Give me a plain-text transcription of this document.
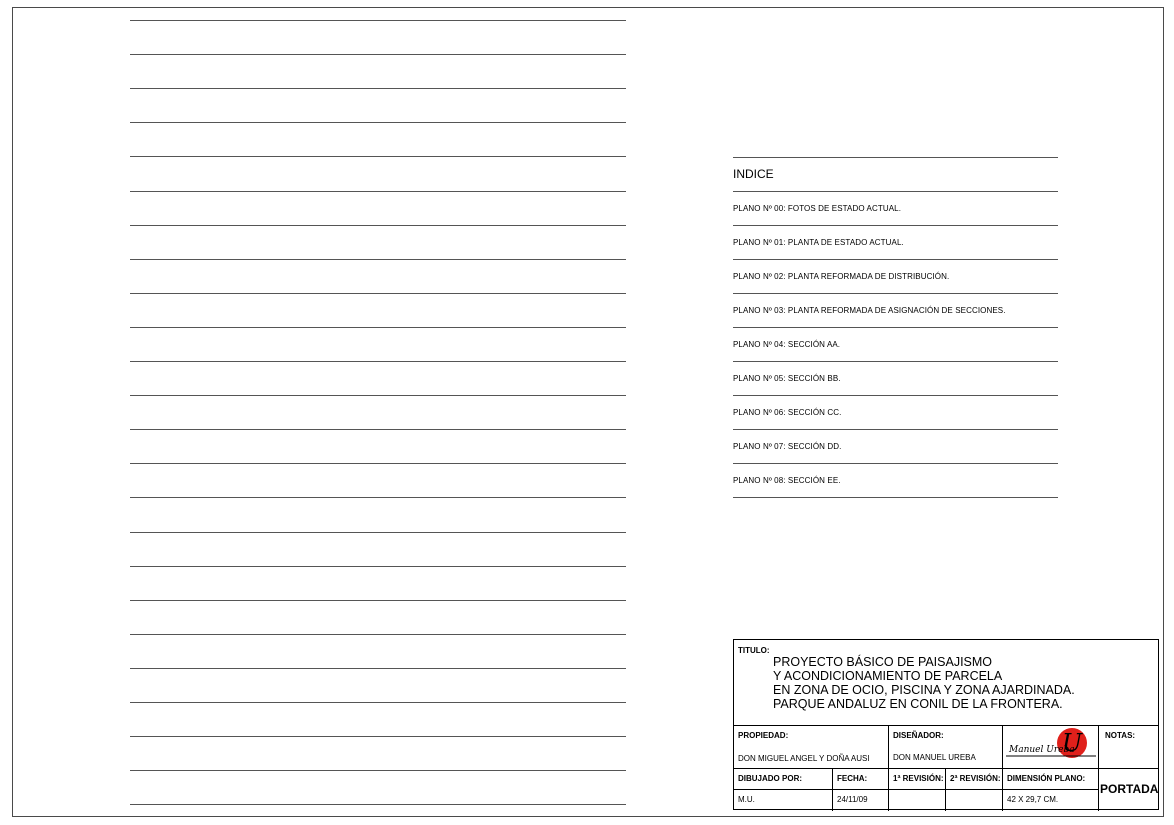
INDICE
PLANO Nº 00: FOTOS DE ESTADO ACTUAL.
PLANO Nº 01: PLANTA DE ESTADO ACTUAL.
PLANO Nº 02: PLANTA REFORMADA DE DISTRIBUCIÓN.
PLANO Nº 03: PLANTA REFORMADA DE ASIGNACIÓN DE SECCIONES.
PLANO Nº 04: SECCIÓN AA.
PLANO Nº 05: SECCIÓN BB.
PLANO Nº 06: SECCIÓN CC.
PLANO Nº 07: SECCIÓN DD.
PLANO Nº 08: SECCIÓN EE.
TITULO:
PROYECTO BÁSICO DE PAISAJISMO
Y ACONDICIONAMIENTO DE PARCELA
EN ZONA DE OCIO, PISCINA Y ZONA AJARDINADA.
PARQUE ANDALUZ EN CONIL DE LA FRONTERA.
PROPIEDAD:
DON MIGUEL ANGEL Y DOÑA AUSI
DISEÑADOR:
DON MANUEL UREBA
Manuel Ureba
U	NOTAS:
DIBUJADO POR:
M.U.
FECHA:
24/11/09
1ª REVISIÓN: 2ª REVISIÓN: DIMENSIÓN PLANO:
42 X 29,7 CM.
PORTADA
